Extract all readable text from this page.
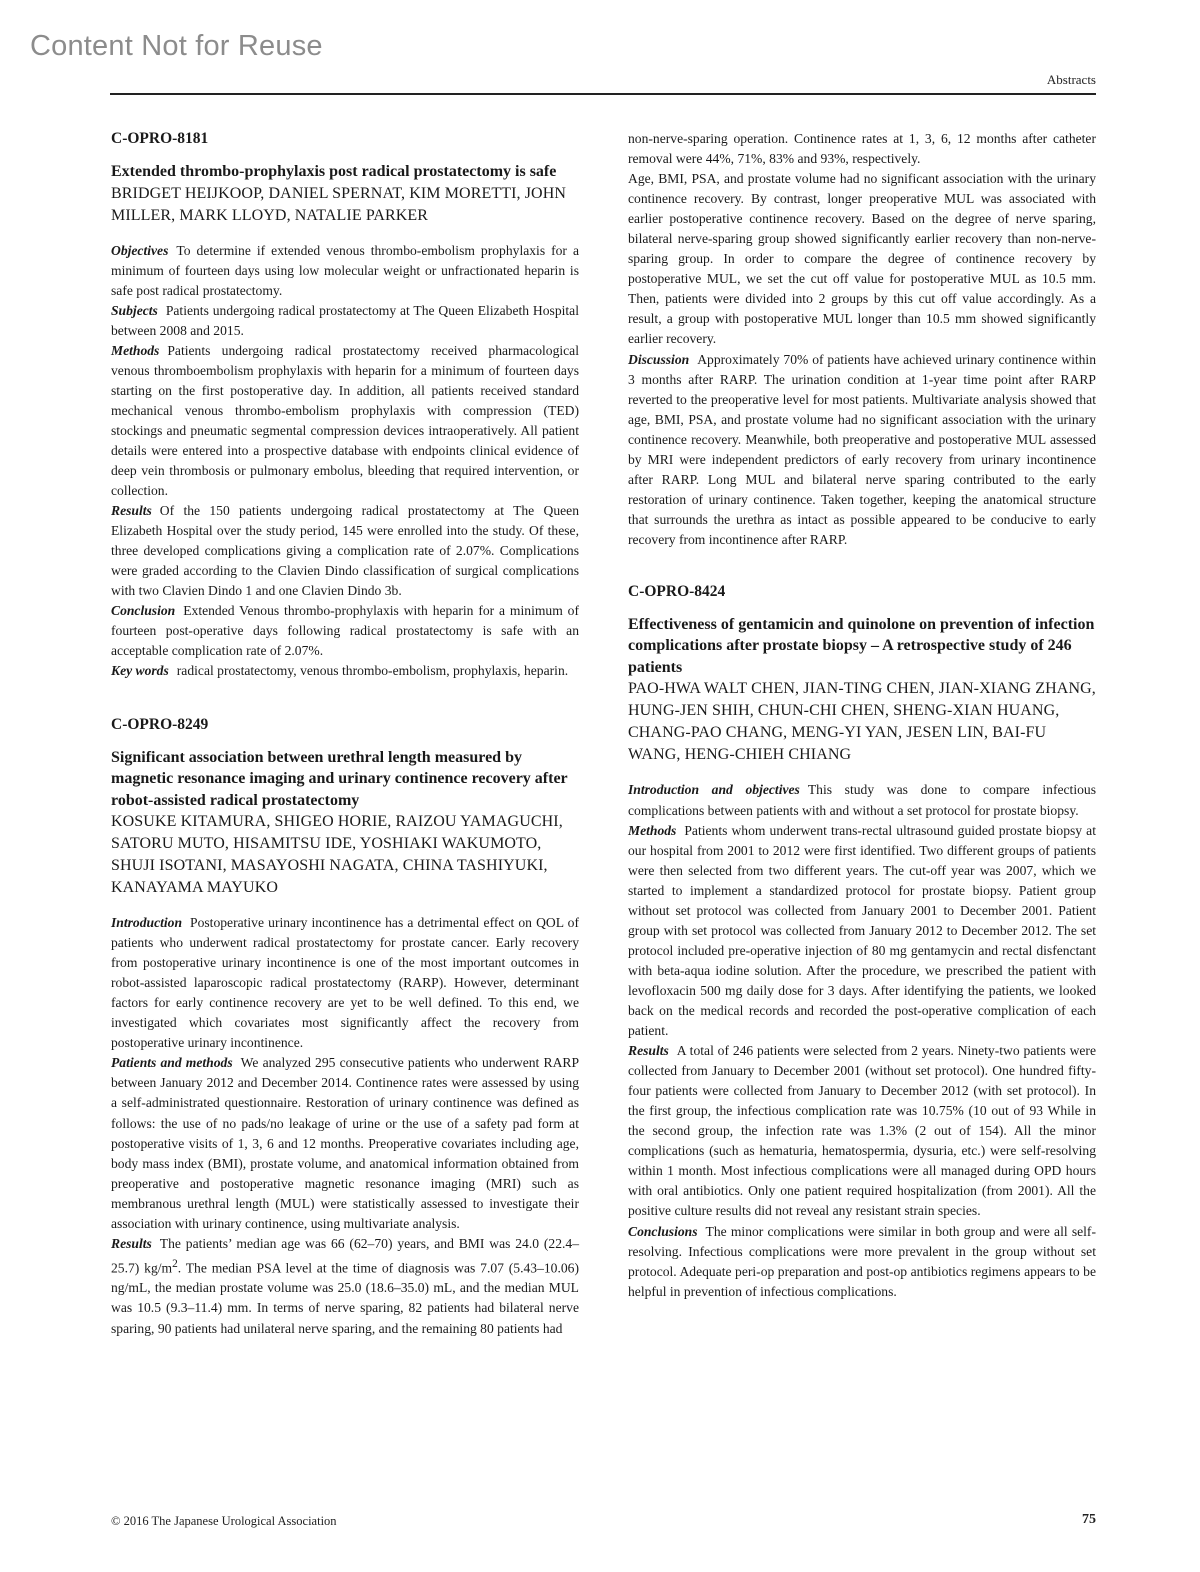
Content Not for Reuse
Abstracts
C-OPRO-8181
Extended thrombo-prophylaxis post radical prostatectomy is safe
BRIDGET HEIJKOOP, DANIEL SPERNAT, KIM MORETTI, JOHN MILLER, MARK LLOYD, NATALIE PARKER

Objectives To determine if extended venous thrombo-embolism prophylaxis for a minimum of fourteen days using low molecular weight or unfractionated heparin is safe post radical prostatectomy.

Subjects Patients undergoing radical prostatectomy at The Queen Elizabeth Hospital between 2008 and 2015.

Methods Patients undergoing radical prostatectomy received pharmacological venous thromboembolism prophylaxis with heparin for a minimum of fourteen days starting on the first postoperative day. In addition, all patients received standard mechanical venous thrombo-embolism prophylaxis with compression (TED) stockings and pneumatic segmental compression devices intraoperatively. All patient details were entered into a prospective database with endpoints clinical evidence of deep vein thrombosis or pulmonary embolus, bleeding that required intervention, or collection.

Results Of the 150 patients undergoing radical prostatectomy at The Queen Elizabeth Hospital over the study period, 145 were enrolled into the study. Of these, three developed complications giving a complication rate of 2.07%. Complications were graded according to the Clavien Dindo classification of surgical complications with two Clavien Dindo 1 and one Clavien Dindo 3b.

Conclusion Extended Venous thrombo-prophylaxis with heparin for a minimum of fourteen post-operative days following radical prostatectomy is safe with an acceptable complication rate of 2.07%.

Key words radical prostatectomy, venous thrombo-embolism, prophylaxis, heparin.

C-OPRO-8249
Significant association between urethral length measured by magnetic resonance imaging and urinary continence recovery after robot-assisted radical prostatectomy
KOSUKE KITAMURA, SHIGEO HORIE, RAIZOU YAMAGUCHI, SATORU MUTO, HISAMITSU IDE, YOSHIAKI WAKUMOTO, SHUJI ISOTANI, MASAYOSHI NAGATA, CHINA TASHIYUKI, KANAYAMA MAYUKO

Introduction Postoperative urinary incontinence has a detrimental effect on QOL of patients who underwent radical prostatectomy for prostate cancer. Early recovery from postoperative urinary incontinence is one of the most important outcomes in robot-assisted laparoscopic radical prostatectomy (RARP). However, determinant factors for early continence recovery are yet to be well defined. To this end, we investigated which covariates most significantly affect the recovery from postoperative urinary incontinence.

Patients and methods We analyzed 295 consecutive patients who underwent RARP between January 2012 and December 2014. Continence rates were assessed by using a self-administrated questionnaire. Restoration of urinary continence was defined as follows: the use of no pads/no leakage of urine or the use of a safety pad form at postoperative visits of 1, 3, 6 and 12 months. Preoperative covariates including age, body mass index (BMI), prostate volume, and anatomical information obtained from preoperative and postoperative magnetic resonance imaging (MRI) such as membranous urethral length (MUL) were statistically assessed to investigate their association with urinary continence, using multivariate analysis.

Results The patients’ median age was 66 (62–70) years, and BMI was 24.0 (22.4–25.7) $kg/m^2$. The median PSA level at the time of diagnosis was 7.07 (5.43–10.06) ng/mL, the median prostate volume was 25.0 (18.6–35.0) mL, and the median MUL was 10.5 (9.3–11.4) mm. In terms of nerve sparing, 82 patients had bilateral nerve sparing, 90 patients had unilateral nerve sparing, and the remaining 80 patients had

non-nerve-sparing operation. Continence rates at 1, 3, 6, 12 months after catheter removal were 44%, 71%, 83% and 93%, respectively.

Age, BMI, PSA, and prostate volume had no significant association with the urinary continence recovery. By contrast, longer preoperative MUL was associated with earlier postoperative continence recovery. Based on the degree of nerve sparing, bilateral nerve-sparing group showed significantly earlier recovery than non-nerve-sparing group. In order to compare the degree of continence recovery by postoperative MUL, we set the cut off value for postoperative MUL as 10.5 mm. Then, patients were divided into 2 groups by this cut off value accordingly. As a result, a group with postoperative MUL longer than 10.5 mm showed significantly earlier recovery.

Discussion Approximately 70% of patients have achieved urinary continence within 3 months after RARP. The urination condition at 1-year time point after RARP reverted to the preoperative level for most patients. Multivariate analysis showed that age, BMI, PSA, and prostate volume had no significant association with the urinary continence recovery. Meanwhile, both preoperative and postoperative MUL assessed by MRI were independent predictors of early recovery from urinary incontinence after RARP. Long MUL and bilateral nerve sparing contributed to the early restoration of urinary continence. Taken together, keeping the anatomical structure that surrounds the urethra as intact as possible appeared to be conducive to early recovery from incontinence after RARP.

C-OPRO-8424
Effectiveness of gentamicin and quinolone on prevention of infection complications after prostate biopsy – A retrospective study of 246 patients
PAO-HWA WALT CHEN, JIAN-TING CHEN, JIAN-XIANG ZHANG, HUNG-JEN SHIH, CHUN-CHI CHEN, SHENG-XIAN HUANG, CHANG-PAO CHANG, MENG-YI YAN, JESEN LIN, BAI-FU WANG, HENG-CHIEH CHIANG

Introduction and objectives This study was done to compare infectious complications between patients with and without a set protocol for prostate biopsy.

Methods Patients whom underwent trans-rectal ultrasound guided prostate biopsy at our hospital from 2001 to 2012 were first identified. Two different groups of patients were then selected from two different years. The cut-off year was 2007, which we started to implement a standardized protocol for prostate biopsy. Patient group without set protocol was collected from January 2001 to December 2001. Patient group with set protocol was collected from January 2012 to December 2012. The set protocol included pre-operative injection of 80 mg gentamycin and rectal disfenctant with beta-aqua iodine solution. After the procedure, we prescribed the patient with levofloxacin 500 mg daily dose for 3 days. After identifying the patients, we looked back on the medical records and recorded the post-operative complication of each patient.

Results A total of 246 patients were selected from 2 years. Ninety-two patients were collected from January to December 2001 (without set protocol). One hundred fifty-four patients were collected from January to December 2012 (with set protocol). In the first group, the infectious complication rate was 10.75% (10 out of 93 While in the second group, the infection rate was 1.3% (2 out of 154). All the minor complications (such as hematuria, hematospermia, dysuria, etc.) were self-resolving within 1 month. Most infectious complications were all managed during OPD hours with oral antibiotics. Only one patient required hospitalization (from 2001). All the positive culture results did not reveal any resistant strain species.

Conclusions The minor complications were similar in both group and were all self-resolving. Infectious complications were more prevalent in the group without set protocol. Adequate peri-op preparation and post-op antibiotics regimens appears to be helpful in prevention of infectious complications.

© 2016 The Japanese Urological Association	75
